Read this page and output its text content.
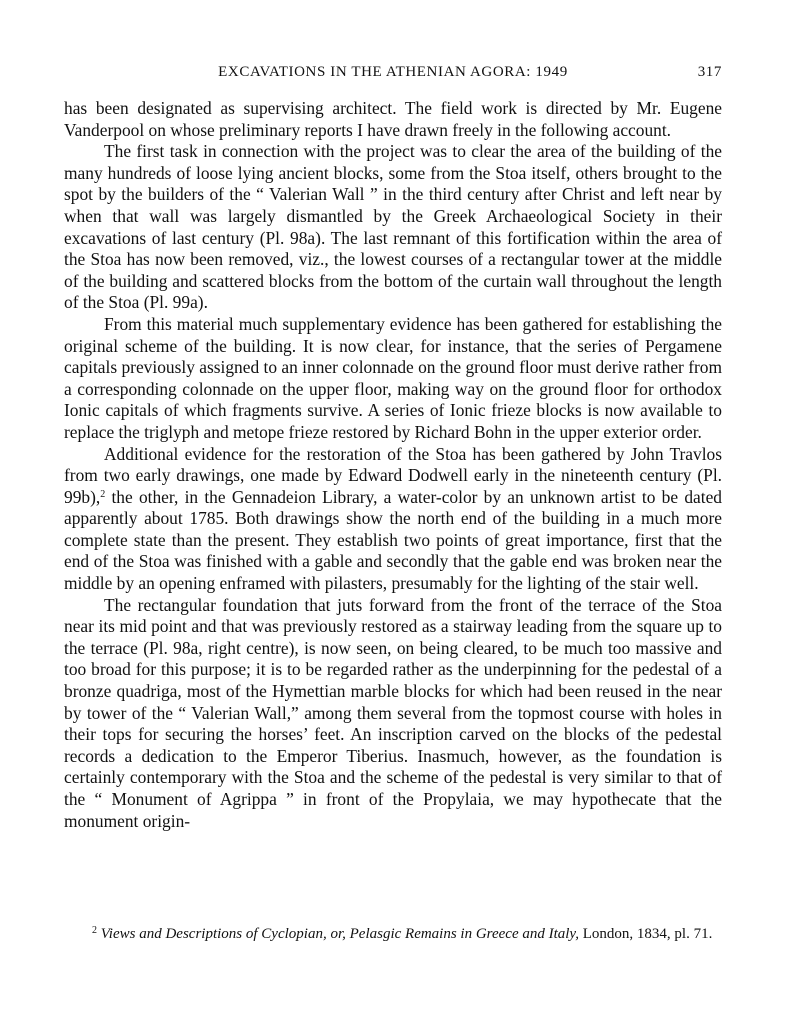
EXCAVATIONS IN THE ATHENIAN AGORA: 1949	317

has been designated as supervising architect. The field work is directed by Mr. Eugene Vanderpool on whose preliminary reports I have drawn freely in the following account.

The first task in connection with the project was to clear the area of the building of the many hundreds of loose lying ancient blocks, some from the Stoa itself, others brought to the spot by the builders of the “ Valerian Wall ” in the third century after Christ and left near by when that wall was largely dismantled by the Greek Archaeological Society in their excavations of last century (Pl. 98a). The last remnant of this fortification within the area of the Stoa has now been removed, viz., the lowest courses of a rectangular tower at the middle of the building and scattered blocks from the bottom of the curtain wall throughout the length of the Stoa (Pl. 99a).

From this material much supplementary evidence has been gathered for establishing the original scheme of the building. It is now clear, for instance, that the series of Pergamene capitals previously assigned to an inner colonnade on the ground floor must derive rather from a corresponding colonnade on the upper floor, making way on the ground floor for orthodox Ionic capitals of which fragments survive. A series of Ionic frieze blocks is now available to replace the triglyph and metope frieze restored by Richard Bohn in the upper exterior order.

Additional evidence for the restoration of the Stoa has been gathered by John Travlos from two early drawings, one made by Edward Dodwell early in the nineteenth century (Pl. 99b),$^2$ the other, in the Gennadeion Library, a water-color by an unknown artist to be dated apparently about 1785. Both drawings show the north end of the building in a much more complete state than the present. They establish two points of great importance, first that the end of the Stoa was finished with a gable and secondly that the gable end was broken near the middle by an opening enframed with pilasters, presumably for the lighting of the stair well.

The rectangular foundation that juts forward from the front of the terrace of the Stoa near its mid point and that was previously restored as a stairway leading from the square up to the terrace (Pl. 98a, right centre), is now seen, on being cleared, to be much too massive and too broad for this purpose; it is to be regarded rather as the underpinning for the pedestal of a bronze quadriga, most of the Hymettian marble blocks for which had been reused in the near by tower of the “ Valerian Wall,” among them several from the topmost course with holes in their tops for securing the horses’ feet. An inscription carved on the blocks of the pedestal records a dedication to the Emperor Tiberius. Inasmuch, however, as the foundation is certainly contemporary with the Stoa and the scheme of the pedestal is very similar to that of the “ Monument of Agrippa ” in front of the Propylaia, we may hypothecate that the monument origin-

$^2$ Views and Descriptions of Cyclopian, or, Pelasgic Remains in Greece and Italy, London, 1834, pl. 71.
